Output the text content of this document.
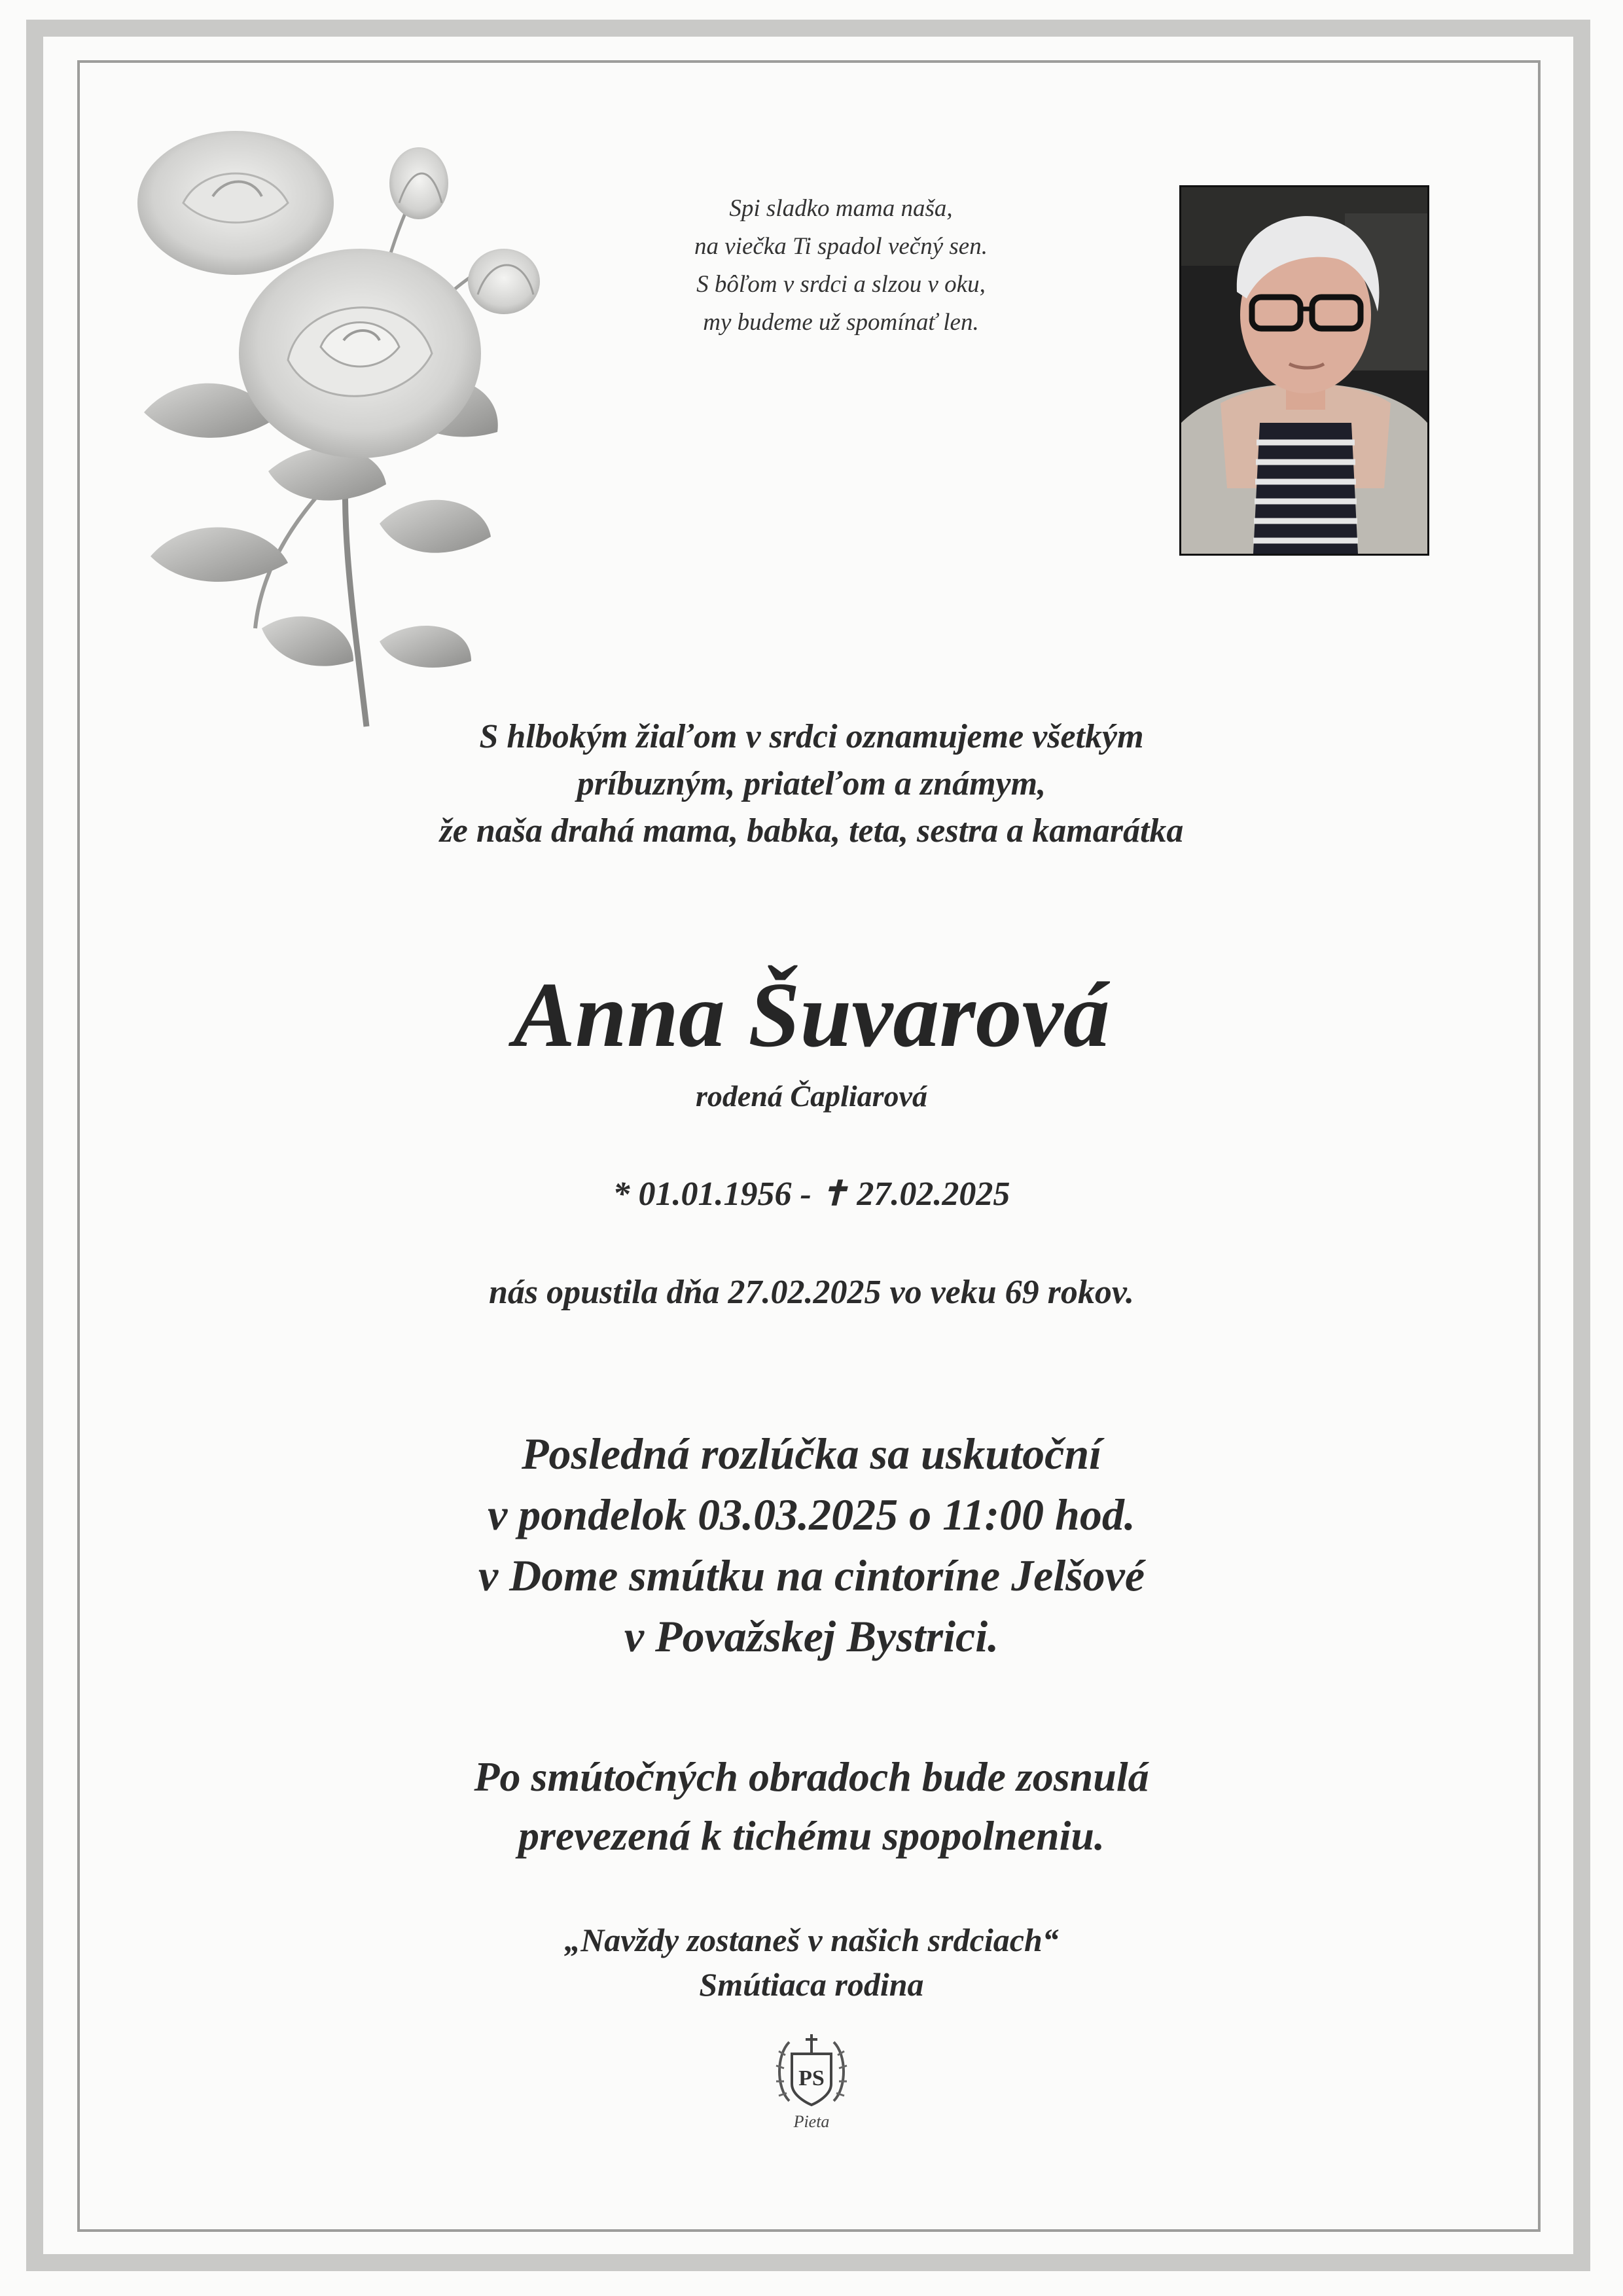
Spi sladko mama naša,
na viečka Ti spadol večný sen.
S bôľom v srdci a slzou v oku,
my budeme už spomínať len.
S hlbokým žiaľom v srdci oznamujeme všetkým
príbuzným, priateľom a známym,
že naša drahá mama, babka, teta, sestra a kamarátka
Anna Šuvarová
rodená Čapliarová
* 01.01.1956 - ✝ 27.02.2025
nás opustila dňa 27.02.2025 vo veku 69 rokov.
Posledná rozlúčka sa uskutoční
v pondelok 03.03.2025 o 11:00 hod.
v Dome smútku na cintoríne Jelšové
v Považskej Bystrici.
Po smútočných obradoch bude zosnulá
prevezená k tichému spopolneniu.
„Navždy zostaneš v našich srdciach“
Smútiaca rodina
PS
Pieta
